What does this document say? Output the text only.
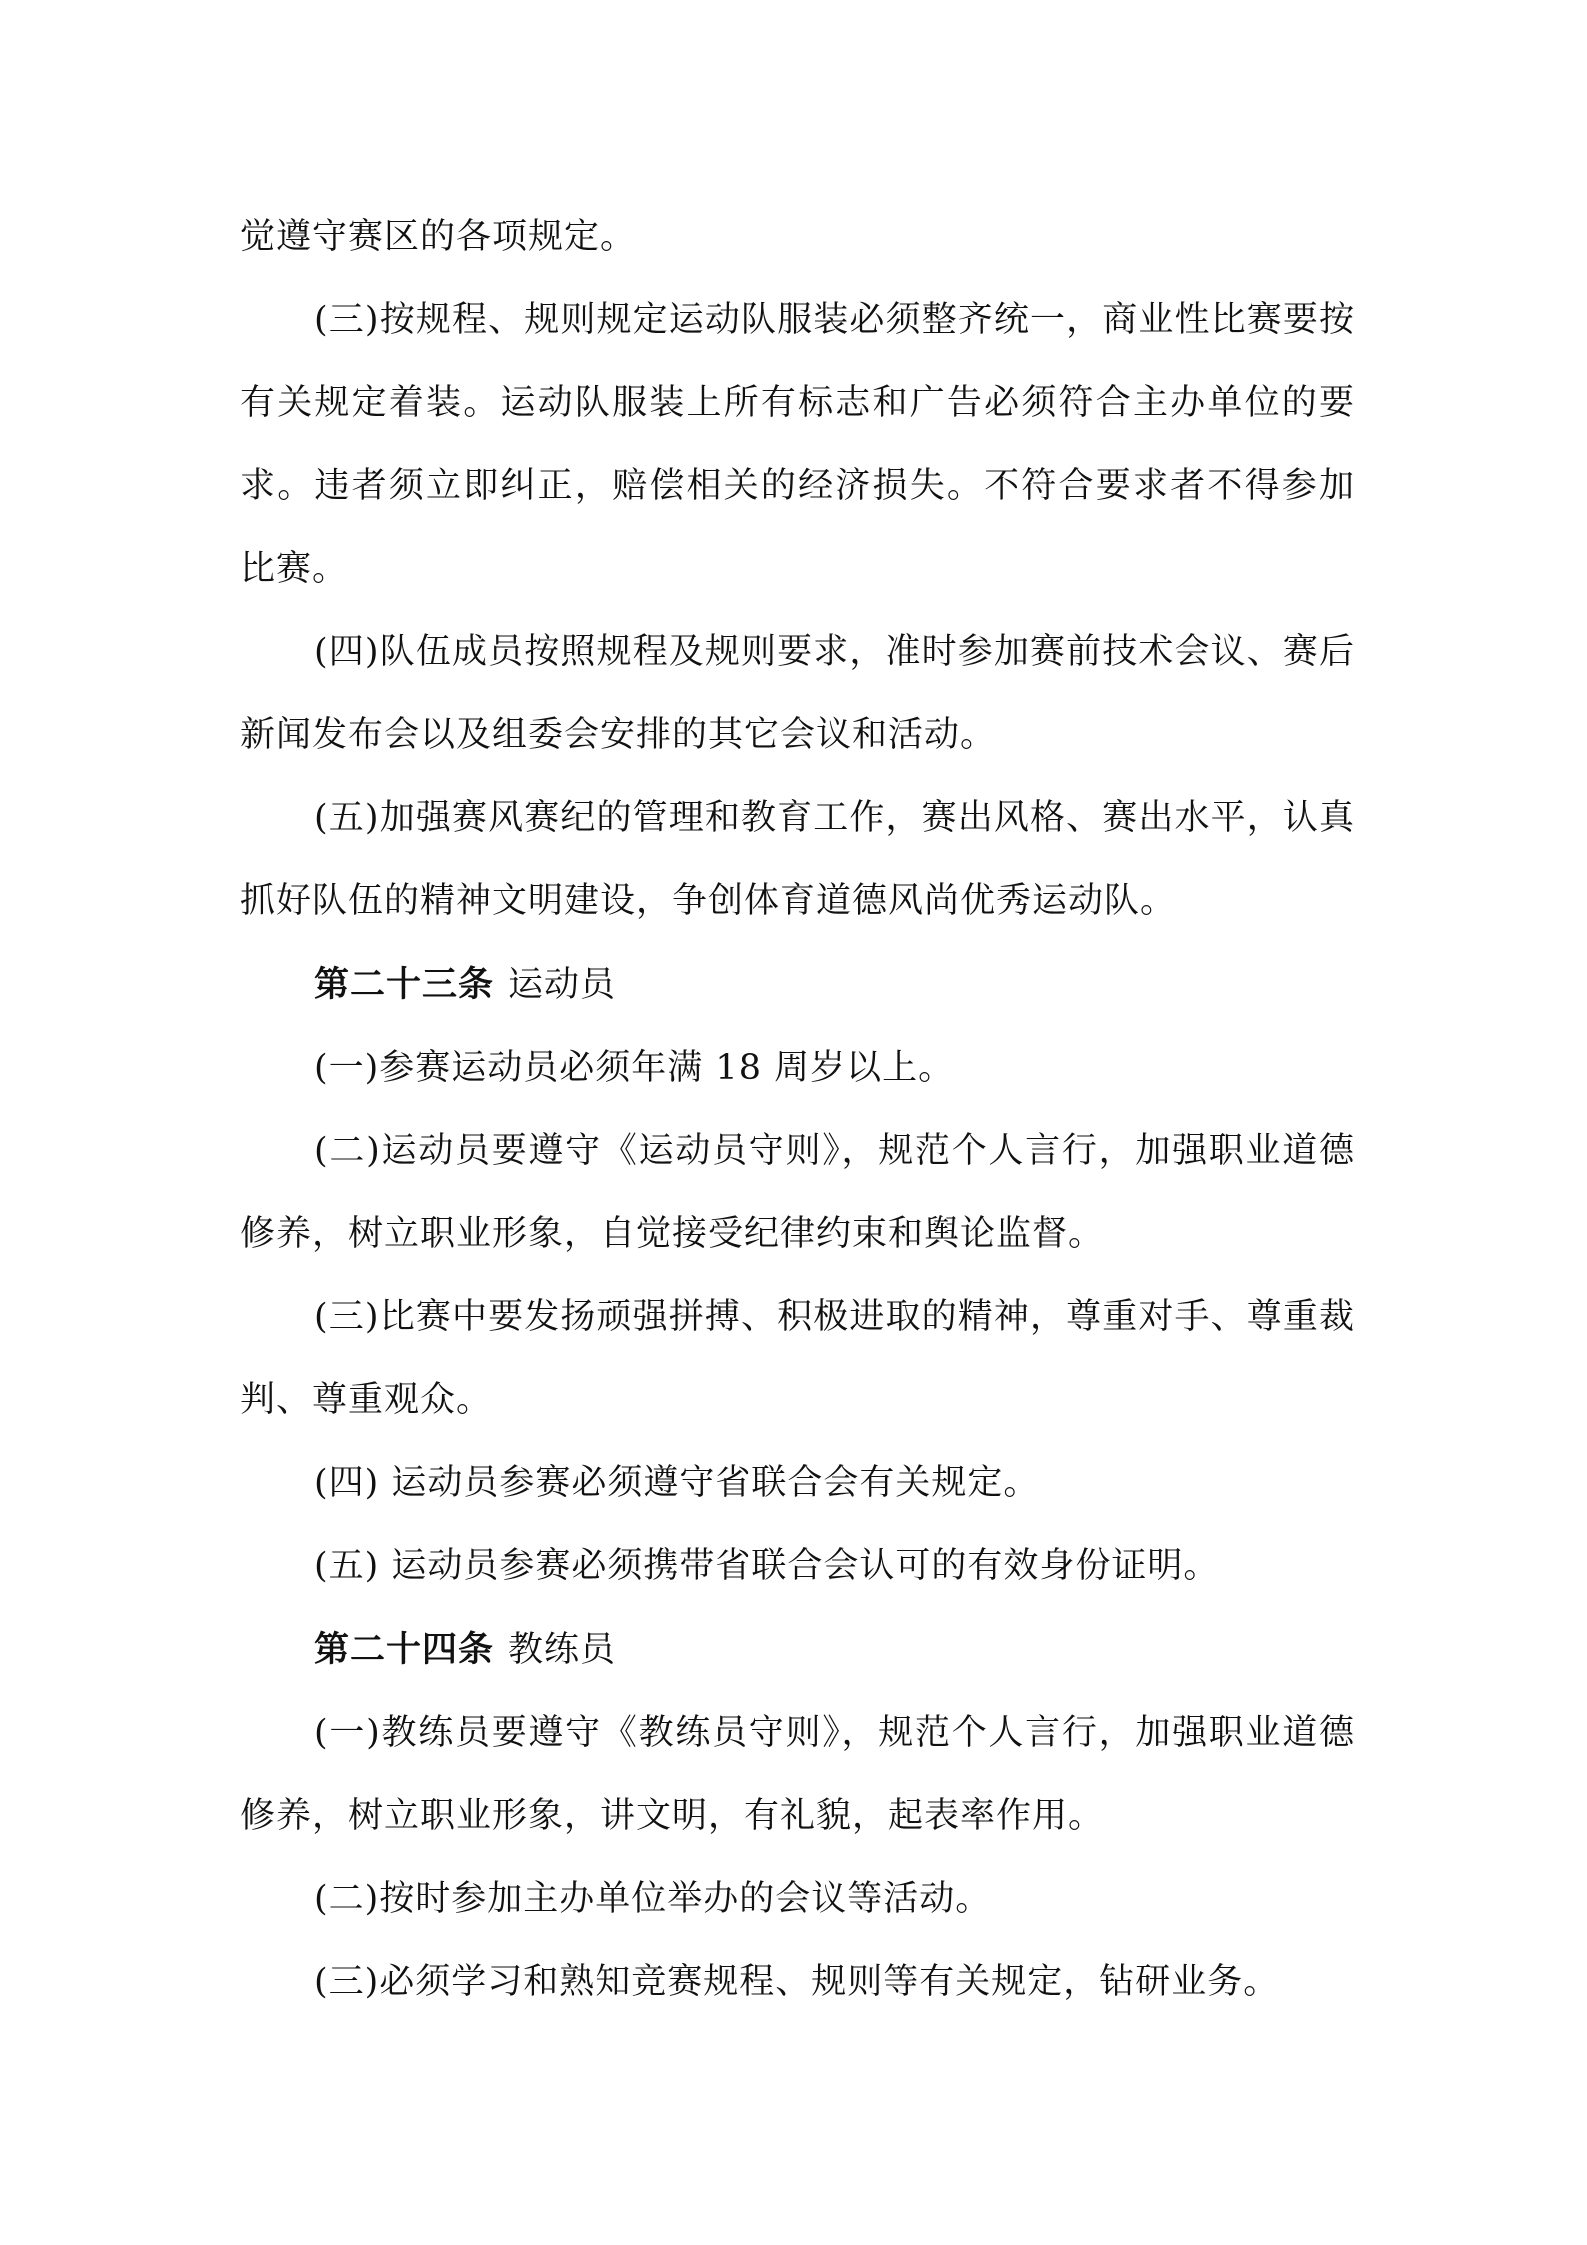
觉遵守赛区的各项规定。

(三)按规程、规则规定运动队服装必须整齐统一，商业性比赛要按有关规定着装。运动队服装上所有标志和广告必须符合主办单位的要求。违者须立即纠正，赔偿相关的经济损失。不符合要求者不得参加比赛。

(四)队伍成员按照规程及规则要求，准时参加赛前技术会议、赛后新闻发布会以及组委会安排的其它会议和活动。

(五)加强赛风赛纪的管理和教育工作，赛出风格、赛出水平，认真抓好队伍的精神文明建设，争创体育道德风尚优秀运动队。

第二十三条 运动员

(一)参赛运动员必须年满 18 周岁以上。

(二)运动员要遵守《运动员守则》，规范个人言行，加强职业道德修养，树立职业形象，自觉接受纪律约束和舆论监督。

(三)比赛中要发扬顽强拼搏、积极进取的精神，尊重对手、尊重裁判、尊重观众。

(四) 运动员参赛必须遵守省联合会有关规定。

(五) 运动员参赛必须携带省联合会认可的有效身份证明。

第二十四条 教练员

(一)教练员要遵守《教练员守则》，规范个人言行，加强职业道德修养，树立职业形象，讲文明，有礼貌，起表率作用。

(二)按时参加主办单位举办的会议等活动。

(三)必须学习和熟知竞赛规程、规则等有关规定，钻研业务。
